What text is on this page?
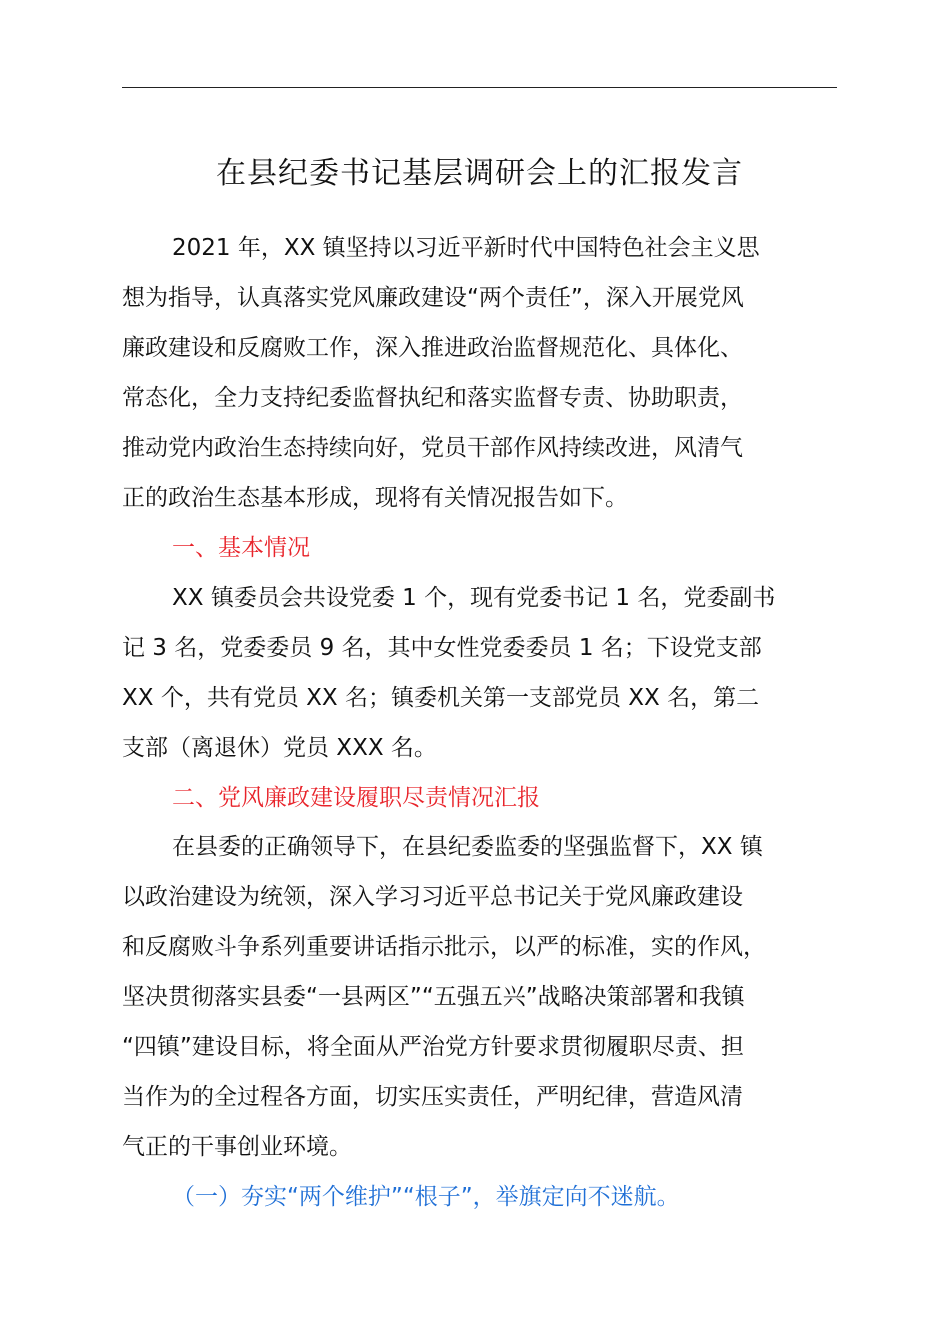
在县纪委书记基层调研会上的汇报发言
2021 年，XX 镇坚持以习近平新时代中国特色社会主义思
想为指导，认真落实党风廉政建设“两个责任”，深入开展党风
廉政建设和反腐败工作，深入推进政治监督规范化、具体化、
常态化，全力支持纪委监督执纪和落实监督专责、协助职责，
推动党内政治生态持续向好，党员干部作风持续改进，风清气
正的政治生态基本形成，现将有关情况报告如下。
一、基本情况
XX 镇委员会共设党委 1 个，现有党委书记 1 名，党委副书
记 3 名，党委委员 9 名，其中女性党委委员 1 名；下设党支部
XX 个，共有党员 XX 名；镇委机关第一支部党员 XX 名，第二
支部（离退休）党员 XXX 名。
二、党风廉政建设履职尽责情况汇报
在县委的正确领导下，在县纪委监委的坚强监督下，XX 镇
以政治建设为统领，深入学习习近平总书记关于党风廉政建设
和反腐败斗争系列重要讲话指示批示，以严的标准，实的作风，
坚决贯彻落实县委“一县两区”“五强五兴”战略决策部署和我镇
“四镇”建设目标，将全面从严治党方针要求贯彻履职尽责、担
当作为的全过程各方面，切实压实责任，严明纪律，营造风清
气正的干事创业环境。
（一）夯实“两个维护”“根子”，举旗定向不迷航。
